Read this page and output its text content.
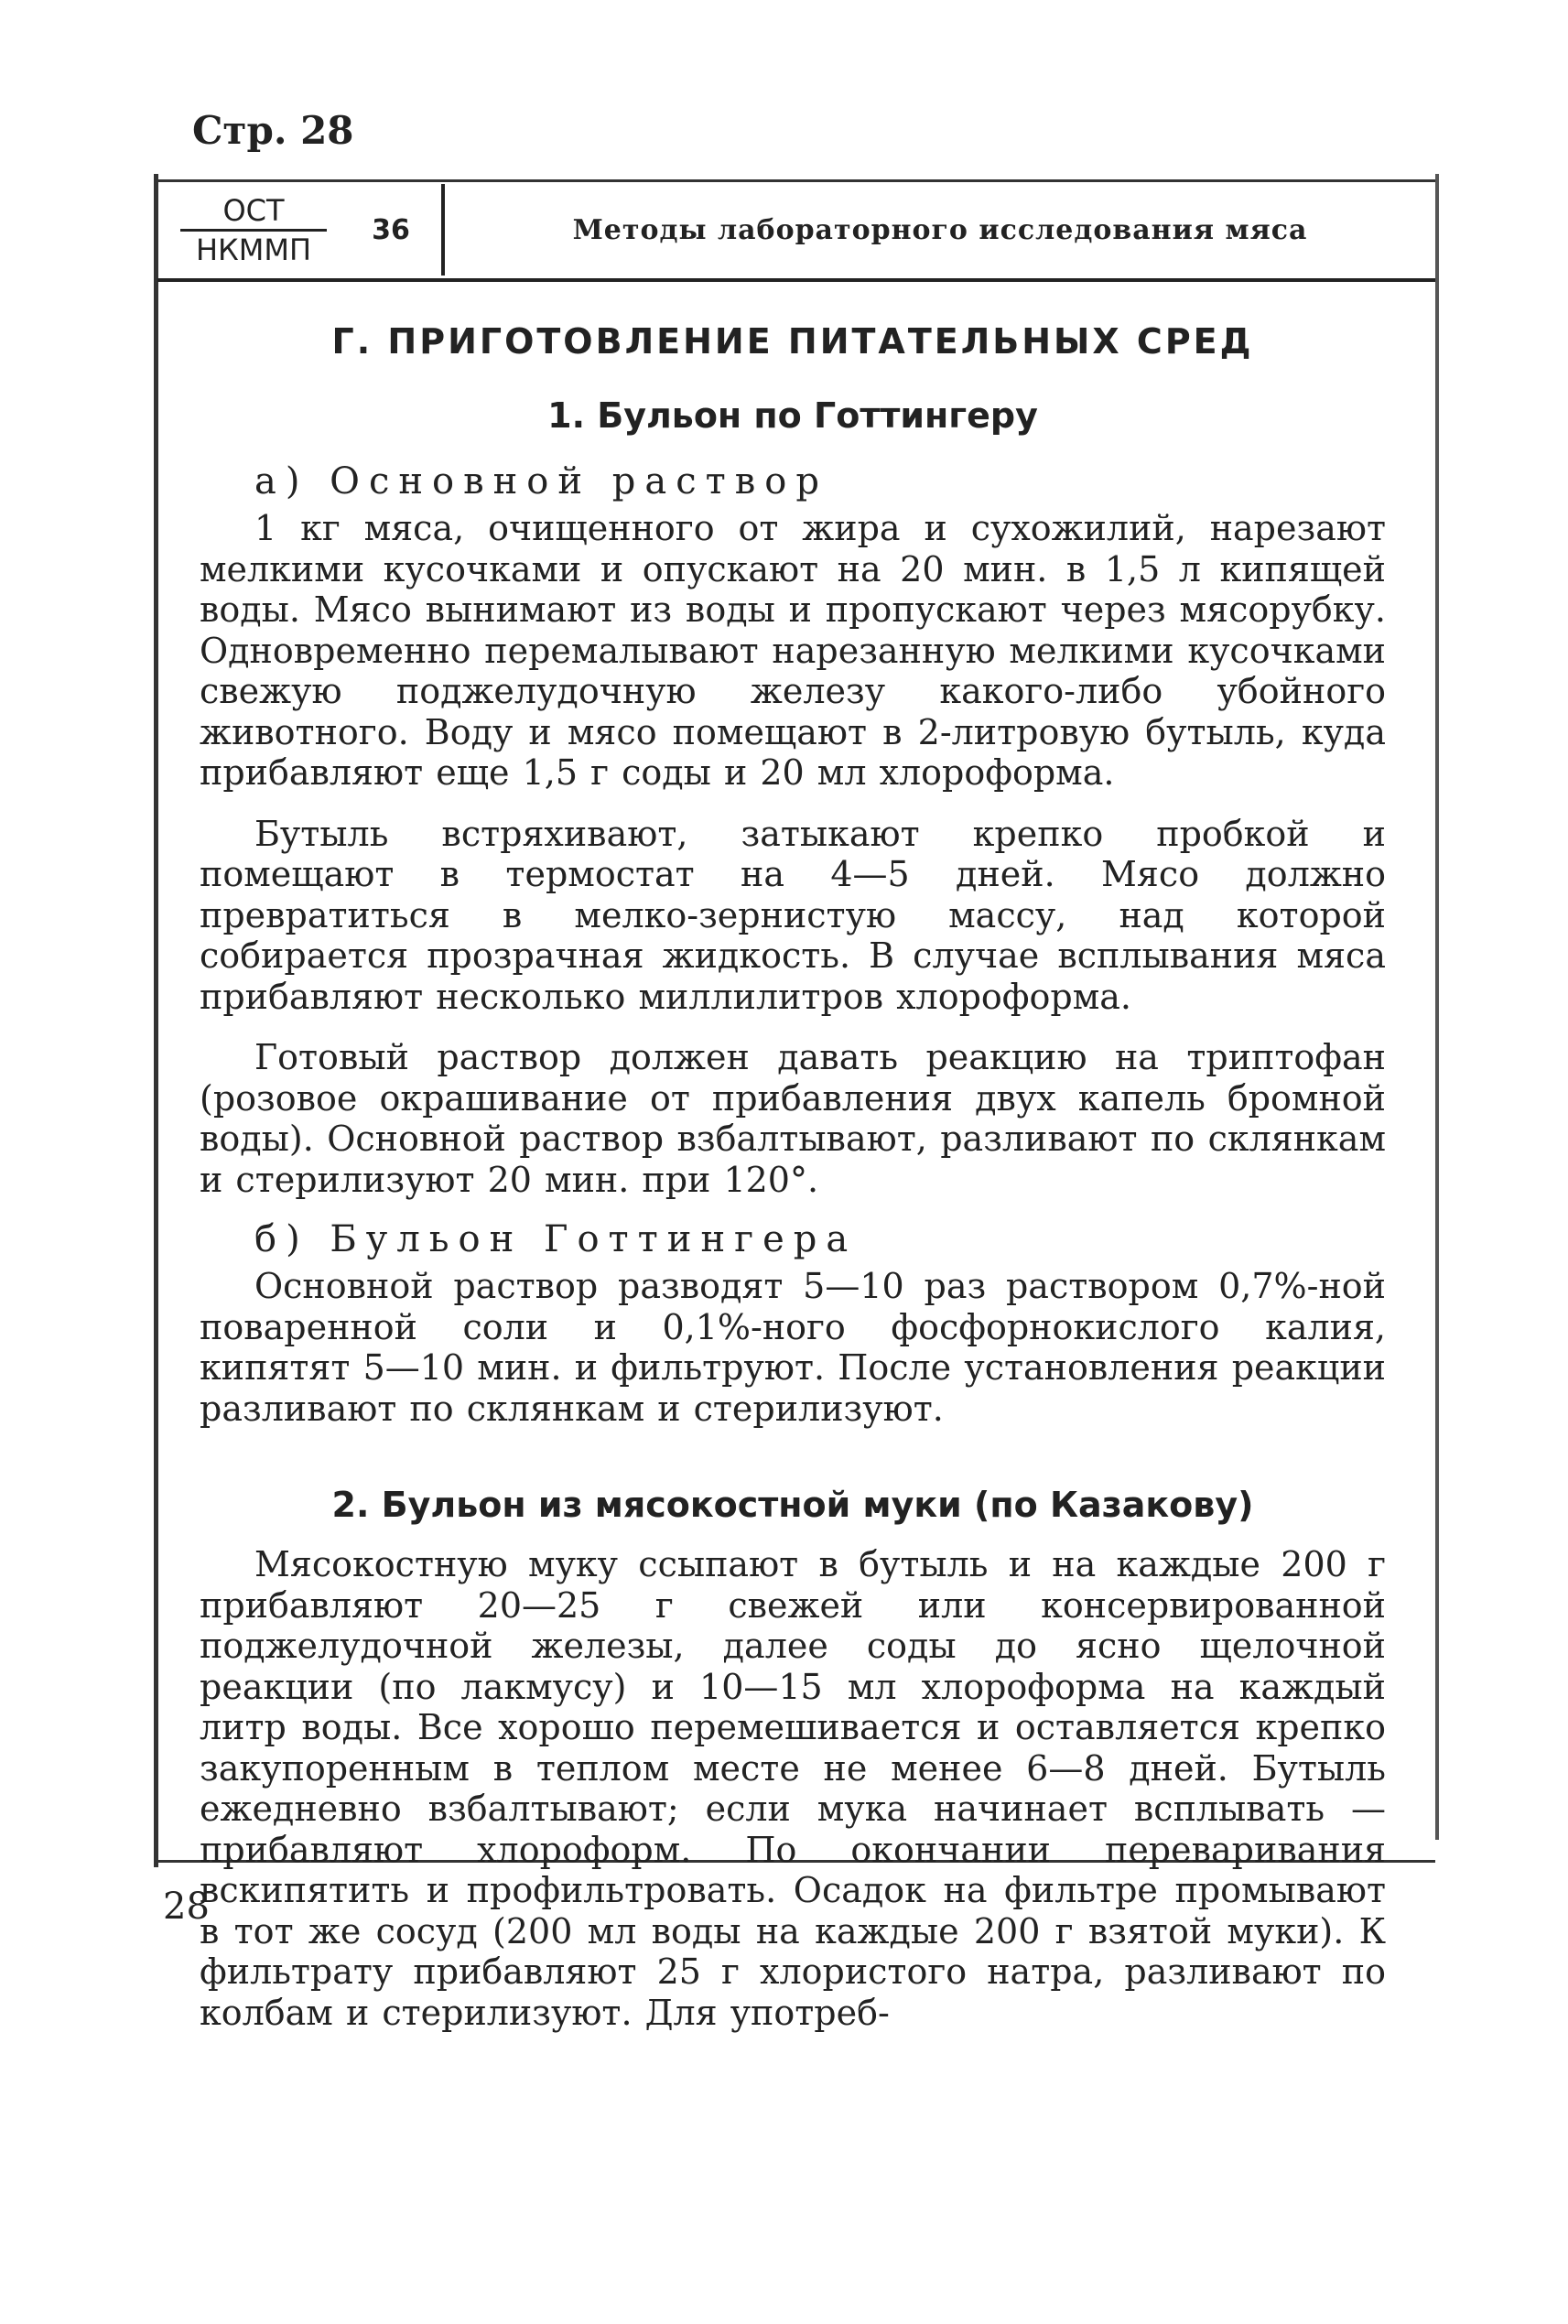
Стр. 28
$\frac{\text{ОСТ}}{\text{НКММП}} 36$	Методы лабораторного исследования мяса
Г. ПРИГОТОВЛЕНИЕ ПИТАТЕЛЬНЫХ СРЕД
1. Бульон по Готтингеру
а) Основной раствор

1 кг мяса, очищенного от жира и сухожилий, нарезают мелкими кусочками и опускают на 20 мин. в 1,5 л кипящей воды. Мясо вынимают из воды и пропускают через мясорубку. Одновременно перемалывают нарезанную мелкими кусочками свежую поджелудочную железу какого-либо убойного животного. Воду и мясо помещают в 2-литровую бутыль, куда прибавляют еще 1,5 г соды и 20 мл хлороформа.

Бутыль встряхивают, затыкают крепко пробкой и помещают в термостат на 4—5 дней. Мясо должно превратиться в мелко-зернистую массу, над которой собирается прозрачная жидкость. В случае всплывания мяса прибавляют несколько миллилитров хлороформа.

Готовый раствор должен давать реакцию на триптофан (розовое окрашивание от прибавления двух капель бромной воды). Основной раствор взбалтывают, разливают по склянкам и стерилизуют 20 мин. при 120°.

б) Бульон Готтингера

Основной раствор разводят 5—10 раз раствором 0,7%-ной поваренной соли и 0,1%-ного фосфорнокислого калия, кипятят 5—10 мин. и фильтруют. После установления реакции разливают по склянкам и стерилизуют.

2. Бульон из мясокостной муки (по Казакову)

Мясокостную муку ссыпают в бутыль и на каждые 200 г прибавляют 20—25 г свежей или консервированной поджелудочной железы, далее соды до ясно щелочной реакции (по лакмусу) и 10—15 мл хлороформа на каждый литр воды. Все хорошо перемешивается и оставляется крепко закупоренным в теплом месте не менее 6—8 дней. Бутыль ежедневно взбалтывают; если мука начинает всплывать — прибавляют хлороформ. По окончании переваривания вскипятить и профильтровать. Осадок на фильтре промывают в тот же сосуд (200 мл воды на каждые 200 г взятой муки). К фильтрату прибавляют 25 г хлористого натра, разливают по колбам и стерилизуют. Для употреб-

28
